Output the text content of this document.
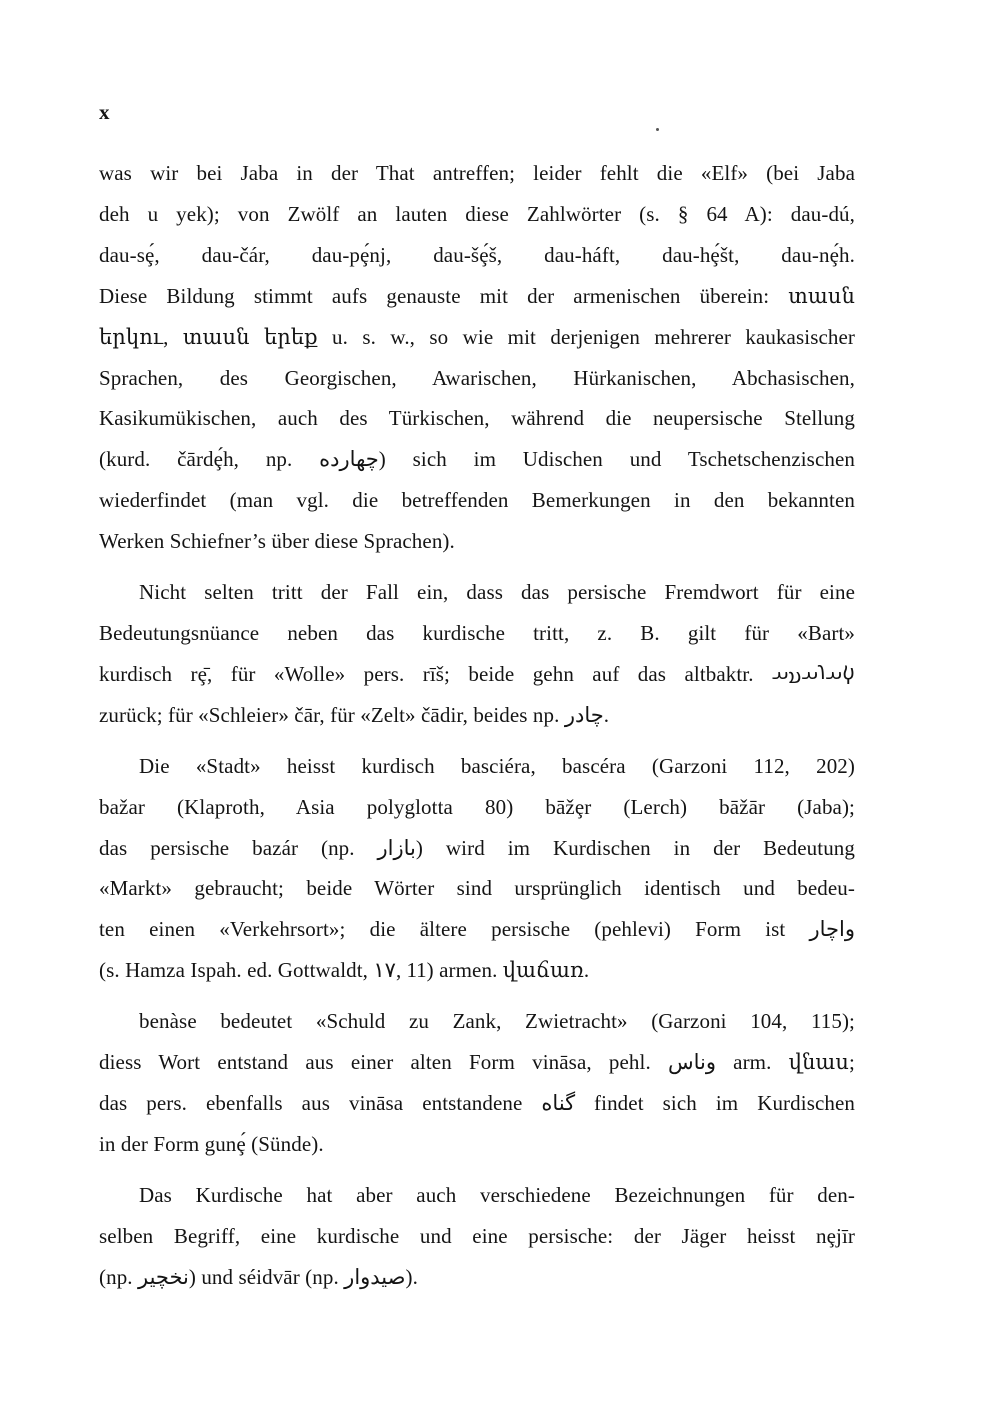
x

was wir bei Jaba in der That antreffen; leider fehlt die «Elf» (bei Jaba
deh u yek); von Zwölf an lauten diese Zahlwörter (s. § 64 A): dau-dú,
dau-sȩ́, dau-čár, dau-pȩ́nj, dau-šȩ́š, dau-háft, dau-hȩ́št, dau-nȩ́h.
Diese Bildung stimmt aufs genauste mit der armenischen überein: տասն
երկու, տասն երեք u. s. w., so wie mit derjenigen mehrerer kaukasischer
Sprachen, des Georgischen, Awarischen, Hürkanischen, Abchasischen,
Kasikumükischen, auch des Türkischen, während die neupersische Stellung
(kurd. čārdȩ́h, np. چهارده) sich im Udischen und Tschetschenzischen
wiederfindet (man vgl. die betreffenden Bemerkungen in den bekannten
Werken Schiefner’s über diese Sprachen).

Nicht selten tritt der Fall ein, dass das persische Fremdwort für eine
Bedeutungsnüance neben das kurdische tritt, z. B. gilt für «Bart»
kurdisch rȩ̄, für «Wolle» pers. rīš; beide gehn auf das altbaktr. 𐬬𐬀𐬭𐬀𐬯𐬀
zurück; für «Schleier» čār, für «Zelt» čādir, beides np. چادر.

Die «Stadt» heisst kurdisch basciéra, bascéra (Garzoni 112, 202)
bažar (Klaproth, Asia polyglotta 80) bāžȩr (Lerch) bāžār (Jaba);
das persische bazár (np. بازار) wird im Kurdischen in der Bedeutung
«Markt» gebraucht; beide Wörter sind ursprünglich identisch und bedeu-
ten einen «Verkehrsort»; die ältere persische (pehlevi) Form ist واچار
(s. Hamza Ispah. ed. Gottwaldt, ١٧, 11) armen. վաճառ.

benàse bedeutet «Schuld zu Zank, Zwietracht» (Garzoni 104, 115);
diess Wort entstand aus einer alten Form vināsa, pehl. وناس arm. վնաս;
das pers. ebenfalls aus vināsa entstandene گناه findet sich im Kurdischen
in der Form gunȩ́ (Sünde).

Das Kurdische hat aber auch verschiedene Bezeichnungen für den-
selben Begriff, eine kurdische und eine persische: der Jäger heisst nȩjīr
(np. نخچیر) und séidvār (np. صیدوار).
